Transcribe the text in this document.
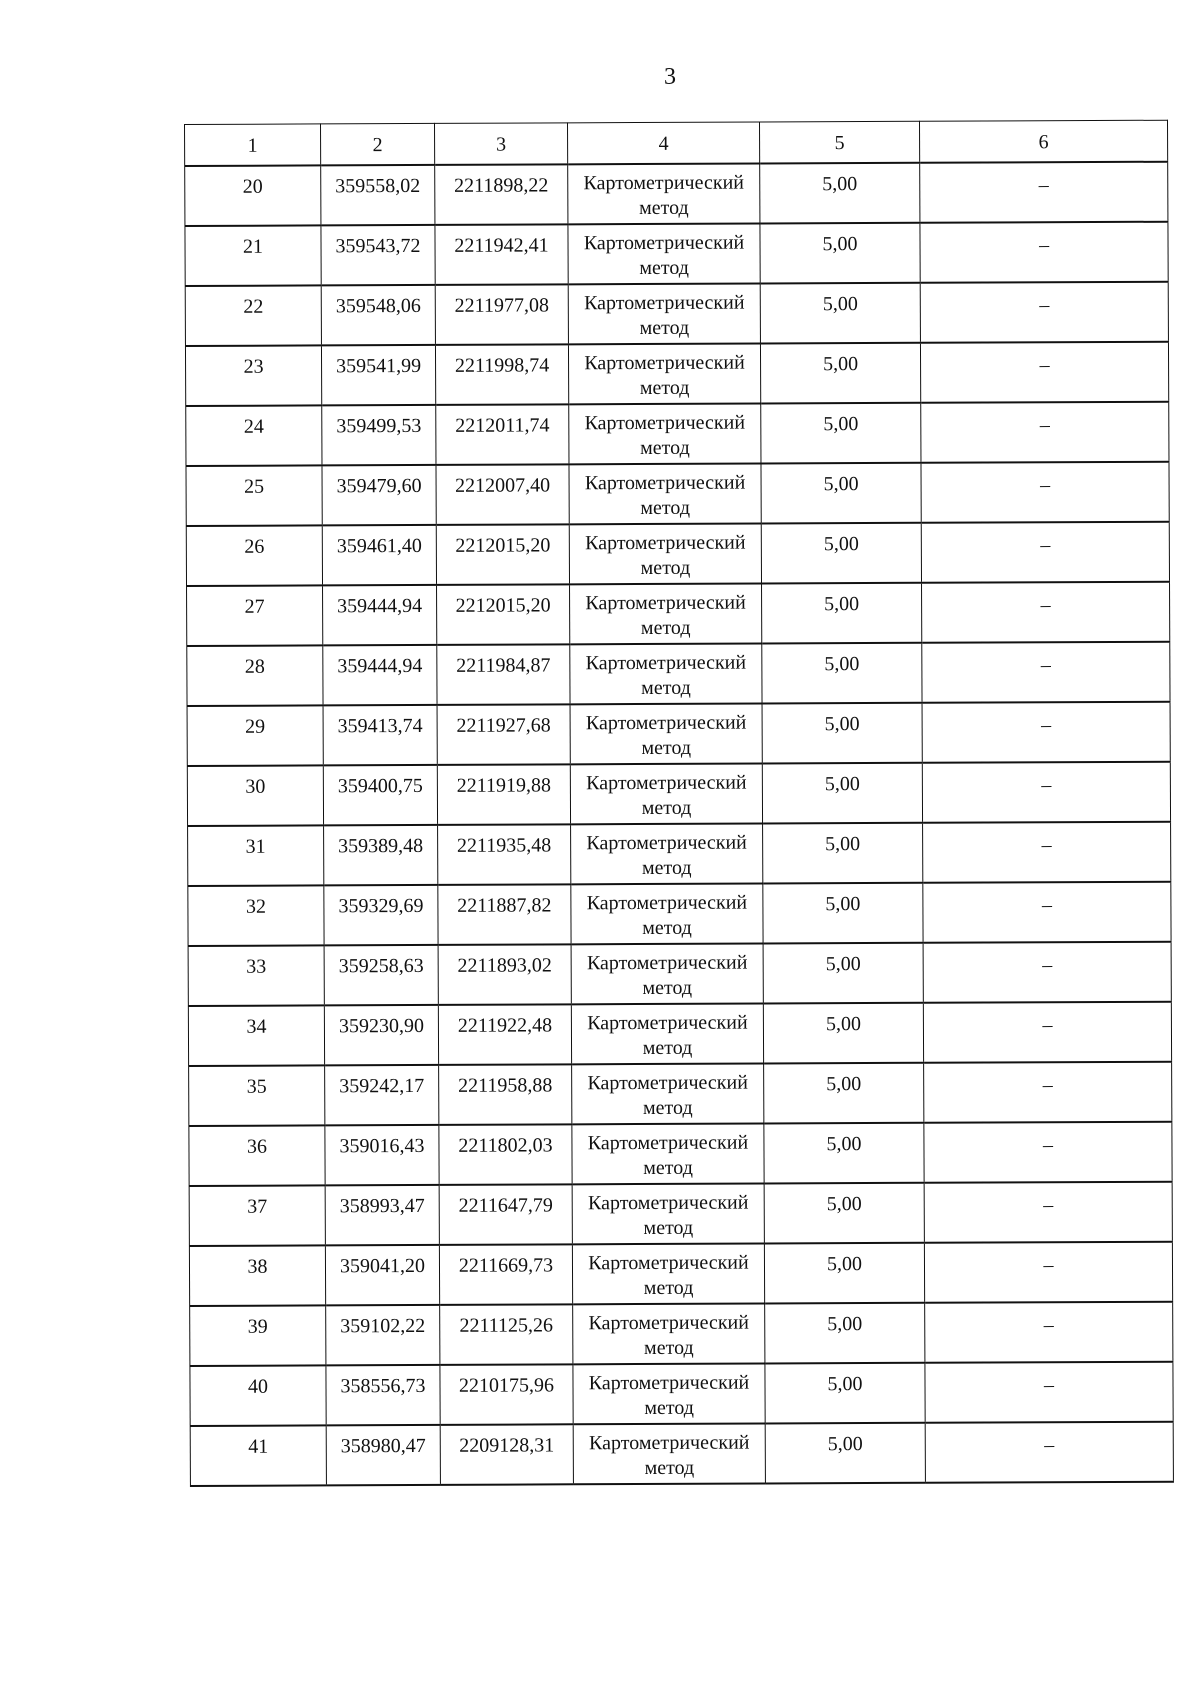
3
1	2	3	4	5	6
20	359558,02	2211898,22	Картометрический метод	5,00	–
21	359543,72	2211942,41	Картометрический метод	5,00	–
22	359548,06	2211977,08	Картометрический метод	5,00	–
23	359541,99	2211998,74	Картометрический метод	5,00	–
24	359499,53	2212011,74	Картометрический метод	5,00	–
25	359479,60	2212007,40	Картометрический метод	5,00	–
26	359461,40	2212015,20	Картометрический метод	5,00	–
27	359444,94	2212015,20	Картометрический метод	5,00	–
28	359444,94	2211984,87	Картометрический метод	5,00	–
29	359413,74	2211927,68	Картометрический метод	5,00	–
30	359400,75	2211919,88	Картометрический метод	5,00	–
31	359389,48	2211935,48	Картометрический метод	5,00	–
32	359329,69	2211887,82	Картометрический метод	5,00	–
33	359258,63	2211893,02	Картометрический метод	5,00	–
34	359230,90	2211922,48	Картометрический метод	5,00	–
35	359242,17	2211958,88	Картометрический метод	5,00	–
36	359016,43	2211802,03	Картометрический метод	5,00	–
37	358993,47	2211647,79	Картометрический метод	5,00	–
38	359041,20	2211669,73	Картометрический метод	5,00	–
39	359102,22	2211125,26	Картометрический метод	5,00	–
40	358556,73	2210175,96	Картометрический метод	5,00	–
41	358980,47	2209128,31	Картометрический метод	5,00	–
